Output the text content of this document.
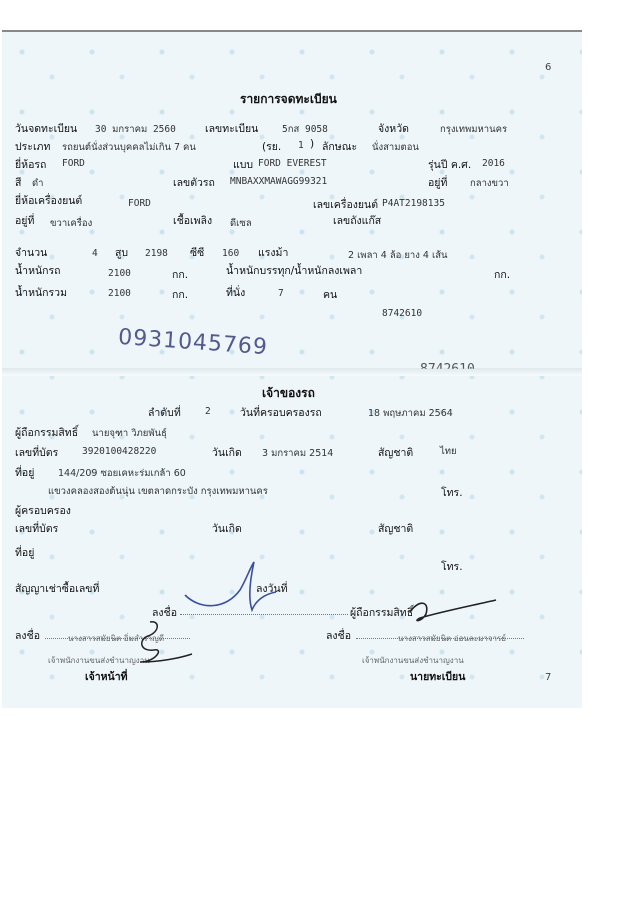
6
รายการจดทะเบียน
วันจดทะเบียน 30 มกราคม 2560	เลขทะเบียน 5กส 9058	จังหวัด	กรุงเทพมหานคร
ประเภท รถยนต์นั่งส่วนบุคคลไม่เกิน 7 คน	(รย. 1 ) ลักษณะ นั่งสามตอน
ยี่ห้อรถ FORD	แบบ FORD EVEREST	รุ่นปี ค.ศ. 2016
สี ดำ	เลขตัวรถ MNBAXXMAWAGG99321	อยู่ที่ กลางขวา
ยี่ห้อเครื่องยนต์	FORD	เลขเครื่องยนต์ P4AT2198135
อยู่ที่ ขวาเครื่อง	เชื้อเพลิง ดีเซล	เลขถังแก๊ส
จำนวน	4 สูบ 2198 ซีซี 160 แรงม้า	2 เพลา 4 ล้อ ยาง 4 เส้น
น้ำหนักรถ	2100	กก.	น้ำหนักบรรทุก/น้ำหนักลงเพลา	กก.
น้ำหนักรวม	2100	กก.	ที่นั่ง	7	คน
8742610
0931045769
เจ้าของรถ
ลำดับที่	2	วันที่ครอบครองรถ	18 พฤษภาคม 2564
ผู้ถือกรรมสิทธิ์ นายจุฑา วิภยพันธุ์
เลขที่บัตร	3920100428220	วันเกิด 3 มกราคม 2514	สัญชาติ	ไทย
ที่อยู่ 144/209 ซอยเคหะร่มเกล้า 60
แขวงคลองสองต้นนุ่น เขตลาดกระบัง กรุงเทพมหานคร	โทร.
ผู้ครอบครอง
เลขที่บัตร	วันเกิด	สัญชาติ
ที่อยู่
โทร.
สัญญาเช่าซื้อเลขที่	ลงวันที่
ลงชื่อ	ผู้ถือกรรมสิทธิ์
ลงชื่อ	นางสาวสมัยนิต อิ่มสำราญดี
เจ้าพนักงานขนส่งชำนาญงาน
เจ้าหน้าที่
ลงชื่อ	นางสาวสมัยนิต อ่อนละมาจารย์
เจ้าพนักงานขนส่งชำนาญงาน
นายทะเบียน	7
